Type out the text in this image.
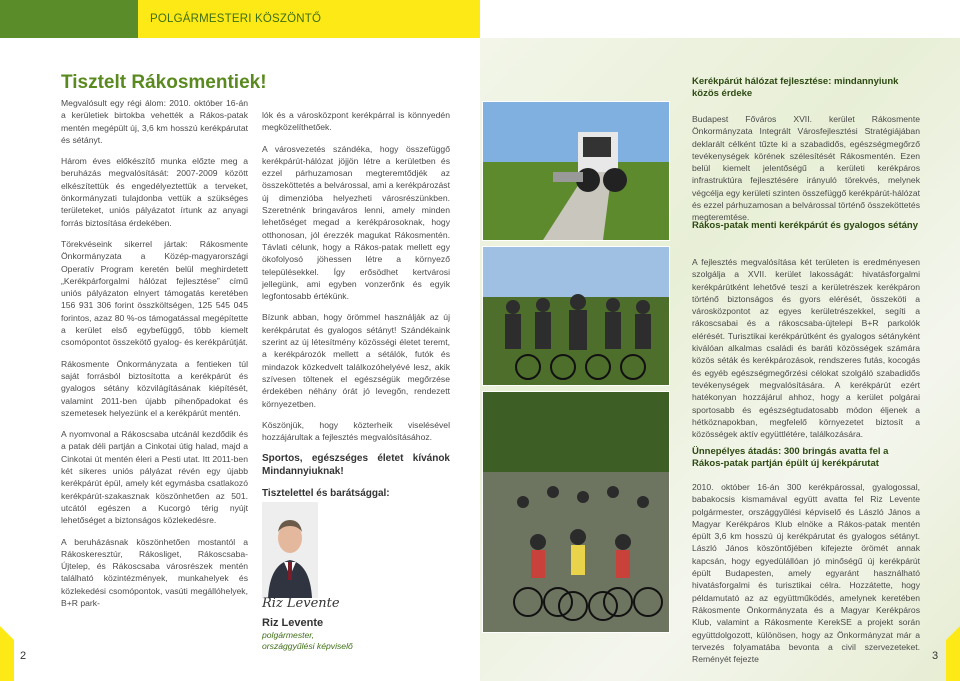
POLGÁRMESTERI KÖSZÖNTŐ
Tisztelt Rákosmentiek!

Megvalósult egy régi álom: 2010. október 16-án a kerületiek birtokba vehették a Rákos-patak mentén megépült új, 3,6 km hosszú kerékpárutat és sétányt.

Három éves előkészítő munka előzte meg a beruházás megvalósítását: 2007-2009 között elkészítettük és engedélyeztettük a terveket, önkormányzati tulajdonba vettük a szükséges területeket, uniós pályázatot írtunk az anyagi forrás biztosítása érdekében.

Törekvéseink sikerrel jártak: Rákosmente Önkormányzata a Közép-magyarországi Operatív Program keretén belül meghirdetett „Kerékpárforgalmi hálózat fejlesztése” című uniós pályázaton elnyert támogatás keretében 156 931 306 forint összköltségen, 125 545 045 forintos, azaz 80 %-os támogatással megépítette a kerület első egybefüggő, több kiemelt csomópontot összekötő gyalog- és kerékpárútját.

Rákosmente Önkormányzata a fentieken túl saját forrásból biztosította a kerékpárút és gyalogos sétány közvilágításának kiépítését, valamint 2011-ben újabb pihenőpadokat és szemetesek helyezünk el a kerékpárút mentén.

A nyomvonal a Rákoscsaba utcánál kezdődik és a patak déli partján a Cinkotai útig halad, majd a Cinkotai út mentén éleri a Pesti utat. Itt 2011-ben két sikeres uniós pályázat révén egy újabb kerékpárút épül, amely két egymásba csatlakozó kerékpárút-szakasznak köszönhetően az 501. utcától egészen a Kucorgó térig nyújt lehetőséget a biztonságos közlekedésre.

A beruházásnak köszönhetően mostantól a Rákoskeresztúr, Rákosliget, Rákoscsaba-Újtelep, és Rákoscsaba városrészek mentén található közintézmények, munkahelyek és közlekedési csomópontok, vasúti megállóhelyek, B+R park-

lók és a városközpont kerékpárral is könnyedén megközelíthetőek.

A városvezetés szándéka, hogy összefüggő kerékpárút-hálózat jöjjön létre a kerületben és ezzel párhuzamosan megteremtődjék az összeköttetés a belvárossal, ami a kerékpározást új dimenzióba helyezheti városrészünkben. Szeretnénk bringaváros lenni, amely minden lehetőséget megad a kerékpárosoknak, hogy otthonosan, jól érezzék magukat Rákosmentén. Távlati célunk, hogy a Rákos-patak mellett egy ökofolyosó jöhessen létre a környező településekkel. Így erősödhet kertvárosi jellegünk, ami egyben vonzerőnk és egyik legfontosabb értékünk.

Bízunk abban, hogy örömmel használják az új kerékpárutat és gyalogos sétányt! Szándékaink szerint az új létesítmény közösségi életet teremt, a kerékpározók mellett a sétálók, futók és mindazok közkedvelt találkozóhelyévé lesz, akik szívesen töltenek el egészségük megőrzése érdekében néhány órát jó levegőn, rendezett környezetben.

Köszönjük, hogy közterheik viselésével hozzájárultak a fejlesztés megvalósításához.

Sportos, egészséges életet kívánok Mindannyiuknak!

Tisztelettel és barátsággal:

Riz Levente
Riz Levente
polgármester,
országgyűlési képviselő
2
Kerékpárút hálózat fejlesztése: mindannyiunk közös érdeke

Budapest Főváros XVII. kerület Rákosmente Önkormányzata Integrált Városfejlesztési Stratégiájában deklarált célként tűzte ki a szabadidős, egészségmegőrző tevékenységek körének szélesítését Rákosmentén. Ezen belül kiemelt jelentőségű a kerületi kerékpáros infrastruktúra fejlesztésére irányuló törekvés, melynek végcélja egy kerületi szinten összefüggő kerékpárút-hálózat és ezzel párhuzamosan a belvárossal történő összeköttetés megteremtése.

Rákos-patak menti kerékpárút és gyalogos sétány

A fejlesztés megvalósítása két területen is eredményesen szolgálja a XVII. kerület lakosságát: hivatásforgalmi kerékpárútként lehetővé teszi a kerületrészek kerékpáron történő biztonságos és gyors elérését, összeköti a városközpontot az egyes kerületrészekkel, segíti a rákoscsabai és a rákoscsaba-újtelepi B+R parkolók elérését. Turisztikai kerékpárútként és gyalogos sétányként kiválóan alkalmas családi és baráti közösségek számára közös séták és kerékpározások, rendszeres futás, kocogás és egyéb egészségmegőrzési célokat szolgáló szabadidős tevékenységek megvalósítására. A kerékpárút ezért hatékonyan hozzájárul ahhoz, hogy a kerület polgárai sportosabb és egészségtudatosabb módon éljenek a hétköznapokban, megfelelő környezetet biztosít a közösségek aktív együttlétére, találkozására.

Ünnepélyes átadás: 300 bringás avatta fel a Rákos-patak partján épült új kerékpárutat

2010. október 16-án 300 kerékpárossal, gyalogossal, babakocsis kismamával együtt avatta fel Riz Levente polgármester, országgyűlési képviselő és László János a Magyar Kerékpáros Klub elnöke a Rákos-patak mentén épült 3,6 km hosszú új kerékpárutat és gyalogos sétányt. László János köszöntőjében kifejezte örömét annak kapcsán, hogy egyedülállóan jó minőségű új kerékpárút épült Budapesten, amely egyaránt használható hivatásforgalmi és turisztikai célra. Hozzátette, hogy példamutató az az együttműködés, amelynek keretében Rákosmente Önkormányzata és a Magyar Kerékpáros Klub, valamint a Rákosmente KerekSE a projekt során együttdolgozott, különösen, hogy az Önkormányzat már a tervezés folyamatába bevonta a civil szervezeteket. Reményét fejezte	3
